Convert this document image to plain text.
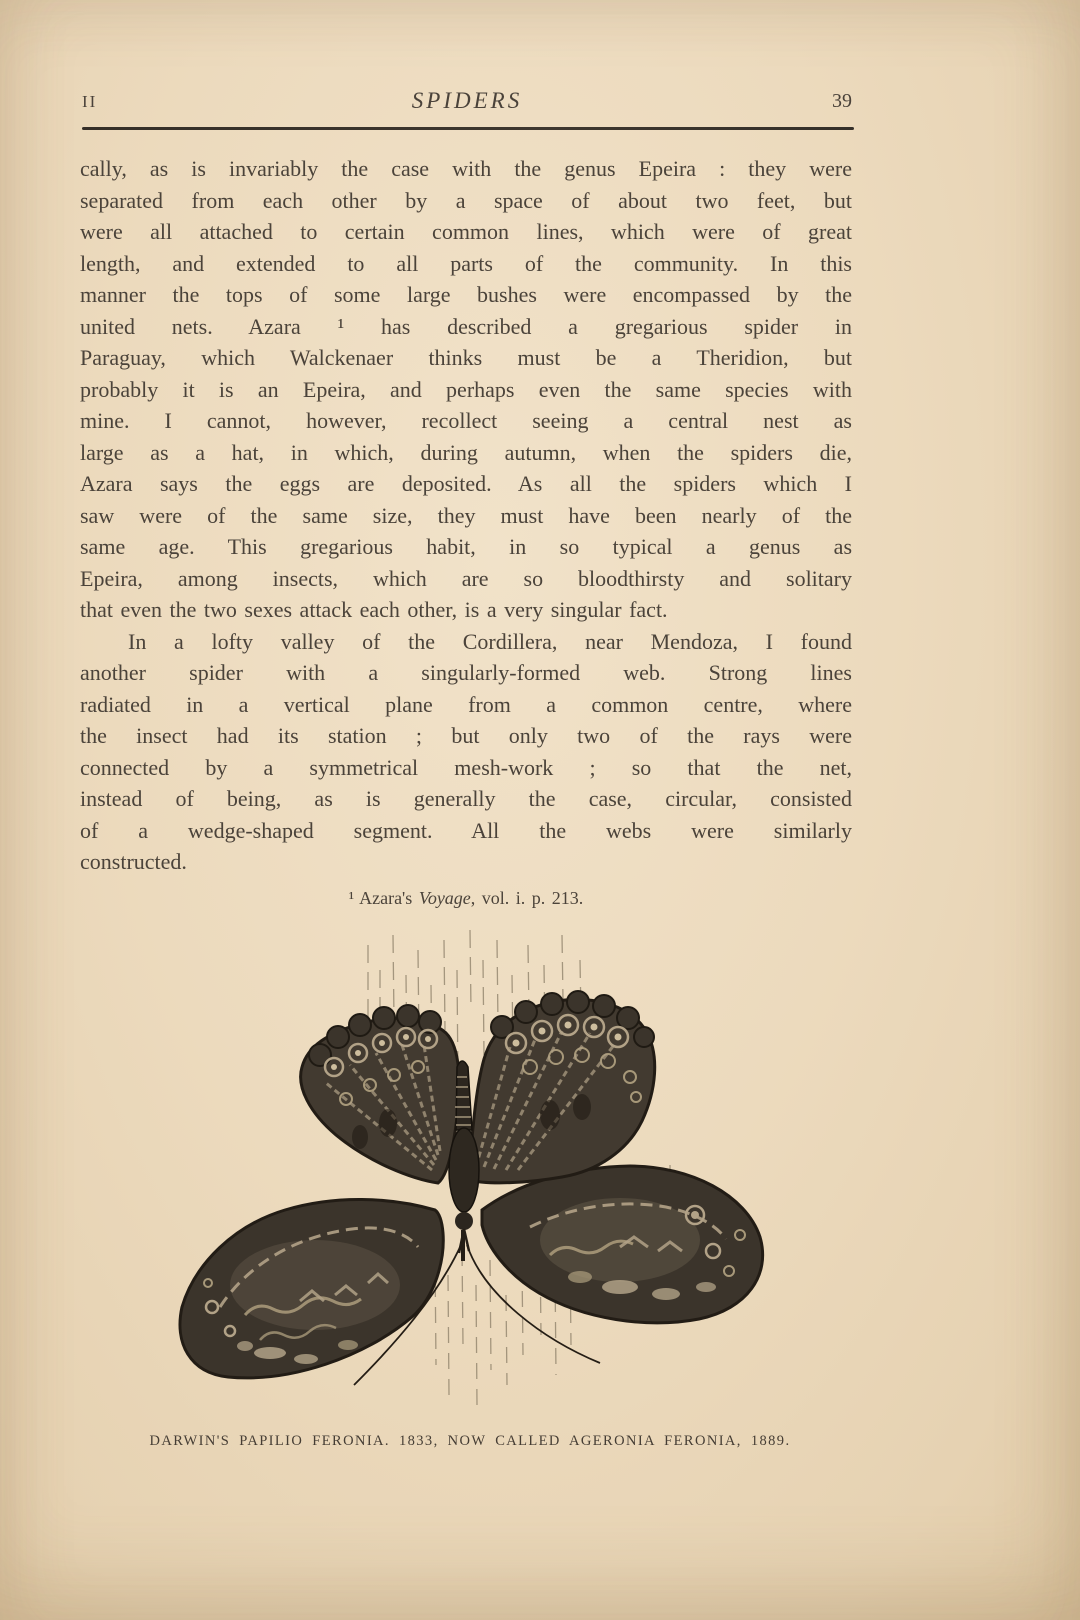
II	SPIDERS	39
cally, as is invariably the case with the genus Epeira : they were
separated from each other by a space of about two feet, but
were all attached to certain common lines, which were of great
length, and extended to all parts of the community. In this
manner the tops of some large bushes were encompassed by the
united nets. Azara ¹ has described a gregarious spider in
Paraguay, which Walckenaer thinks must be a Theridion, but
probably it is an Epeira, and perhaps even the same species with
mine. I cannot, however, recollect seeing a central nest as
large as a hat, in which, during autumn, when the spiders die,
Azara says the eggs are deposited. As all the spiders which I
saw were of the same size, they must have been nearly of the
same age. This gregarious habit, in so typical a genus as
Epeira, among insects, which are so bloodthirsty and solitary
that even the two sexes attack each other, is a very singular fact.
In a lofty valley of the Cordillera, near Mendoza, I found
another spider with a singularly-formed web. Strong lines
radiated in a vertical plane from a common centre, where
the insect had its station ; but only two of the rays were
connected by a symmetrical mesh-work ; so that the net,
instead of being, as is generally the case, circular, consisted
of a wedge-shaped segment. All the webs were similarly
constructed.
¹ Azara's Voyage, vol. i. p. 213.
DARWIN'S PAPILIO FERONIA. 1833, NOW CALLED AGERONIA FERONIA, 1889.
